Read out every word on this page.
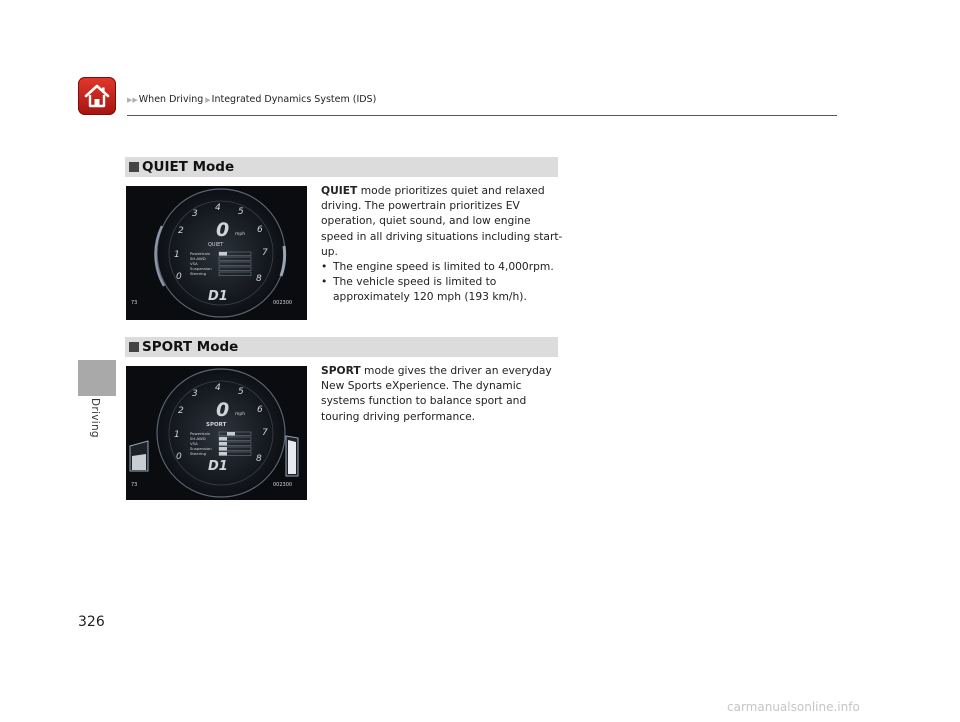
▶▶When Driving ▶Integrated Dynamics System (IDS)
Driving
QUIET Mode
2
3
4 5
6
7
8
1
0
0 mph
QUIET
Powertrain
SH-AWD
VSA
Suspension
Steering
D1
73	002300

QUIET mode prioritizes quiet and relaxed driving. The powertrain prioritizes EV operation, quiet sound, and low engine speed in all driving situations including start-up.

• The engine speed is limited to 4,000rpm.
• The vehicle speed is limited to approximately 120 mph (193 km/h).
SPORT Mode
2
3
4 5
6
7
8
1
0
0 mph
SPORT
Powertrain
SH-AWD
VSA
Suspension
Steering
D1
73	002300

SPORT mode gives the driver an everyday New Sports eXperience. The dynamic systems function to balance sport and touring driving performance.

326
carmanualsonline.info
